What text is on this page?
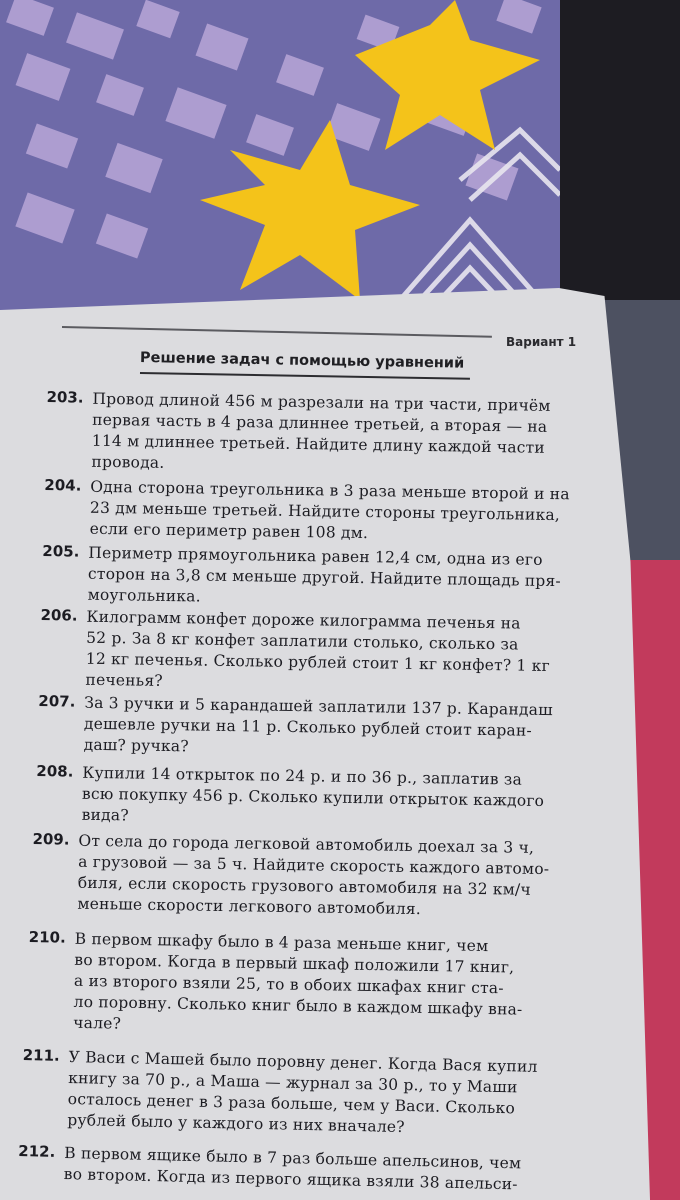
Вариант 1
Решение задач с помощью уравнений
203. Провод длиной 456 м разрезали на три части, причём
первая часть в 4 раза длиннее третьей, а вторая — на
114 м длиннее третьей. Найдите длину каждой части
провода.
204. Одна сторона треугольника в 3 раза меньше второй и на
23 дм меньше третьей. Найдите стороны треугольника,
если его периметр равен 108 дм.
205. Периметр прямоугольника равен 12,4 см, одна из его
сторон на 3,8 см меньше другой. Найдите площадь пря-
моугольника.
206. Килограмм конфет дороже килограмма печенья на
52 р. За 8 кг конфет заплатили столько, сколько за
12 кг печенья. Сколько рублей стоит 1 кг конфет? 1 кг
печенья?
207. За 3 ручки и 5 карандашей заплатили 137 р. Карандаш
дешевле ручки на 11 р. Сколько рублей стоит каран-
даш? ручка?
208. Купили 14 открыток по 24 р. и по 36 р., заплатив за
всю покупку 456 р. Сколько купили открыток каждого
вида?
209. От села до города легковой автомобиль доехал за 3 ч,
а грузовой — за 5 ч. Найдите скорость каждого автомо-
биля, если скорость грузового автомобиля на 32 км/ч
меньше скорости легкового автомобиля.
210. В первом шкафу было в 4 раза меньше книг, чем
во втором. Когда в первый шкаф положили 17 книг,
а из второго взяли 25, то в обоих шкафах книг ста-
ло поровну. Сколько книг было в каждом шкафу вна-
чале?
211. У Васи с Машей было поровну денег. Когда Вася купил
книгу за 70 р., а Маша — журнал за 30 р., то у Маши
осталось денег в 3 раза больше, чем у Васи. Сколько
рублей было у каждого из них вначале?
212. В первом ящике было в 7 раз больше апельсинов, чем
во втором. Когда из первого ящика взяли 38 апельси-
